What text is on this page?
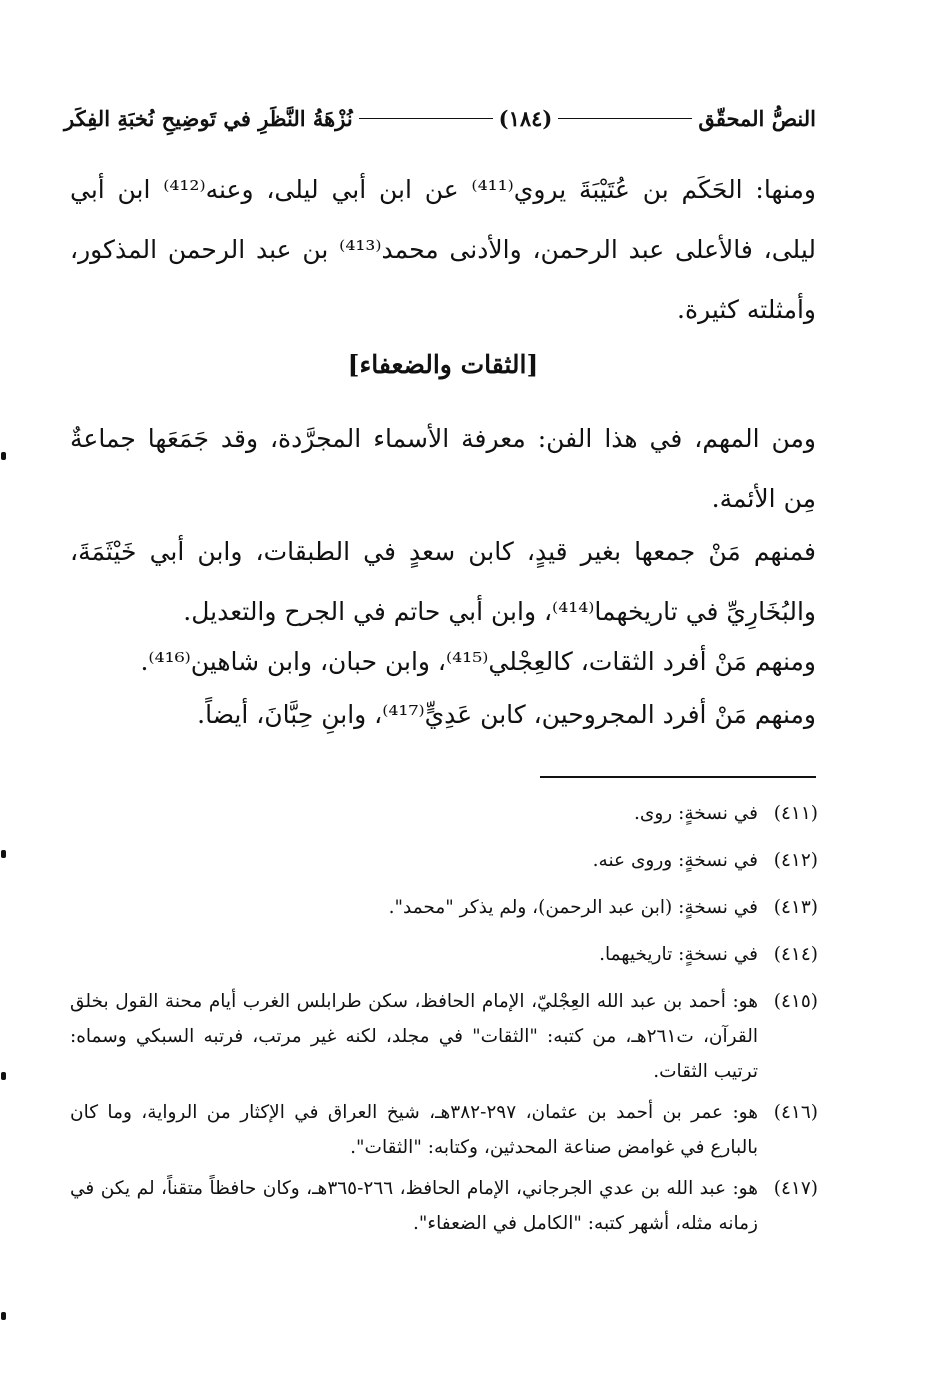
النصُّ المحقّق
(١٨٤)
نُزْهَةُ النَّظَرِ في تَوضِيحِ نُخبَةِ الفِكَر
ومنها: الحَكَم بن عُتَيْبَةَ يروي⁽⁴¹¹⁾ عن ابن أبي ليلى، وعنه⁽⁴¹²⁾ ابن أبي ليلى، فالأعلى عبد الرحمن، والأدنى محمد⁽⁴¹³⁾ بن عبد الرحمن المذكور، وأمثلته كثيرة.
[الثقات والضعفاء]
ومن المهم، في هذا الفن: معرفة الأسماء المجرَّدة، وقد جَمَعَها جماعةٌ مِن الأئمة.
فمنهم مَنْ جمعها بغير قيدٍ، كابن سعدٍ في الطبقات، وابن أبي خَيْثَمَةَ، والبُخَارِيِّ في تاريخهما⁽⁴¹⁴⁾، وابن أبي حاتم في الجرح والتعديل.
ومنهم مَنْ أفرد الثقات، كالعِجْلي⁽⁴¹⁵⁾، وابن حبان، وابن شاهين⁽⁴¹⁶⁾.
ومنهم مَنْ أفرد المجروحين، كابن عَدِيٍّ⁽⁴¹⁷⁾، وابنِ حِبَّانَ، أيضاً.
(٤١١)
في نسخةٍ: روى.
(٤١٢)
في نسخةٍ: وروى عنه.
(٤١٣)
في نسخةٍ: (ابن عبد الرحمن)، ولم يذكر "محمد".
(٤١٤)
في نسخةٍ: تاريخيهما.
(٤١٥)
هو: أحمد بن عبد الله العِجْليّ، الإمام الحافظ، سكن طرابلس الغرب أيام محنة القول بخلق القرآن، ت٢٦١هـ، من كتبه: "الثقات" في مجلد، لكنه غير مرتب، فرتبه السبكي وسماه: ترتيب الثقات.
(٤١٦)
هو: عمر بن أحمد بن عثمان، ٢٩٧-٣٨٢هـ، شيخ العراق في الإكثار من الرواية، وما كان بالبارع في غوامض صناعة المحدثين، وكتابه: "الثقات".
(٤١٧)
هو: عبد الله بن عدي الجرجاني، الإمام الحافظ، ٢٦٦-٣٦٥هـ، وكان حافظاً متقناً، لم يكن في زمانه مثله، أشهر كتبه: "الكامل في الضعفاء".
